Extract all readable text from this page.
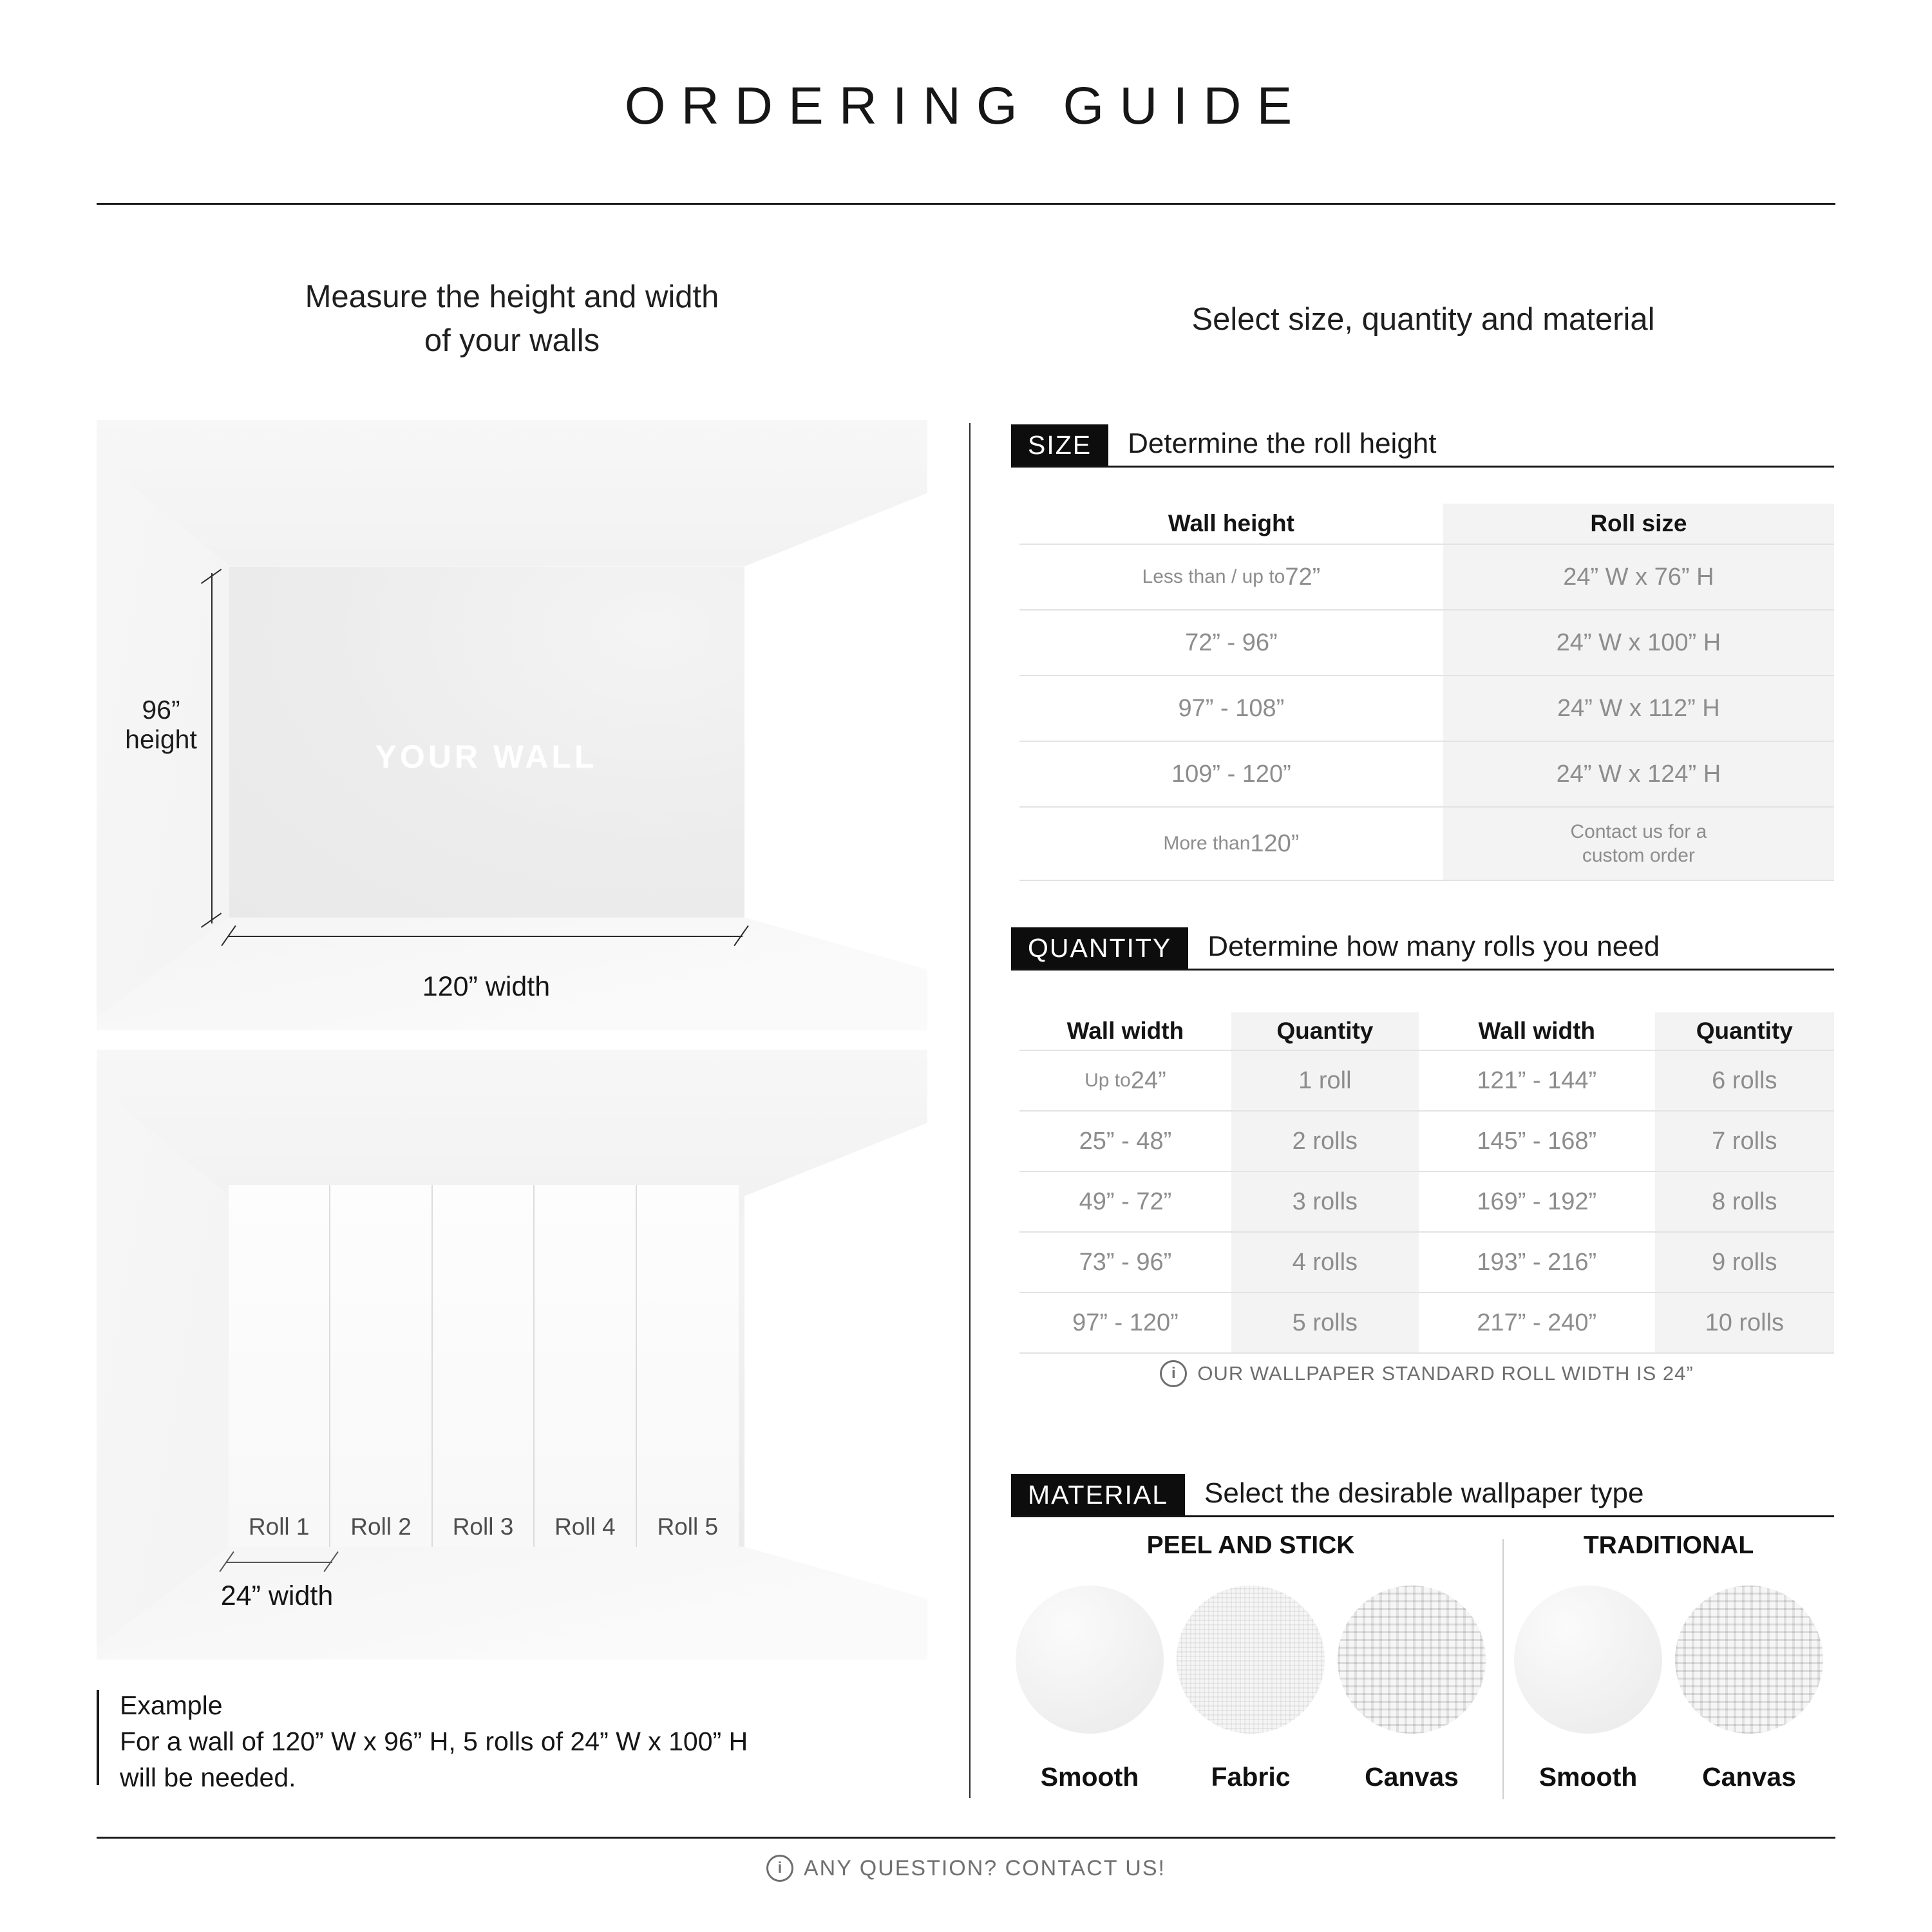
ORDERING GUIDE
Measure the height and width
of your walls
96”
height	YOUR WALL
120” width
Roll 1 Roll 2 Roll 3 Roll 4 Roll 5
24” width
Example
For a wall of 120” W x 96” H, 5 rolls of 24” W x 100” H
will be needed.
Select size, quantity and material
SIZE	Determine the roll height
Wall height	Roll size
Less than / up to 72”	24” W x 76” H
72” - 96”	24” W x 100” H
97” - 108”	24” W x 112” H
109” - 120”	24” W x 124” H
More than 120”	Contact us for a
custom order
QUANTITY	Determine how many rolls you need
Wall width	Quantity	Wall width	Quantity
Up to 24”	1 roll	121” - 144”	6 rolls
25” - 48”	2 rolls	145” - 168”	7 rolls
49” - 72”	3 rolls	169” - 192”	8 rolls
73” - 96”	4 rolls	193” - 216”	9 rolls
97” - 120”	5 rolls	217” - 240”	10 rolls
i OUR WALLPAPER STANDARD ROLL WIDTH IS 24”
MATERIAL	Select the desirable wallpaper type
PEEL AND STICK
Smooth	Fabric	Canvas
TRADITIONAL
Smooth	Canvas
i ANY QUESTION? CONTACT US!
